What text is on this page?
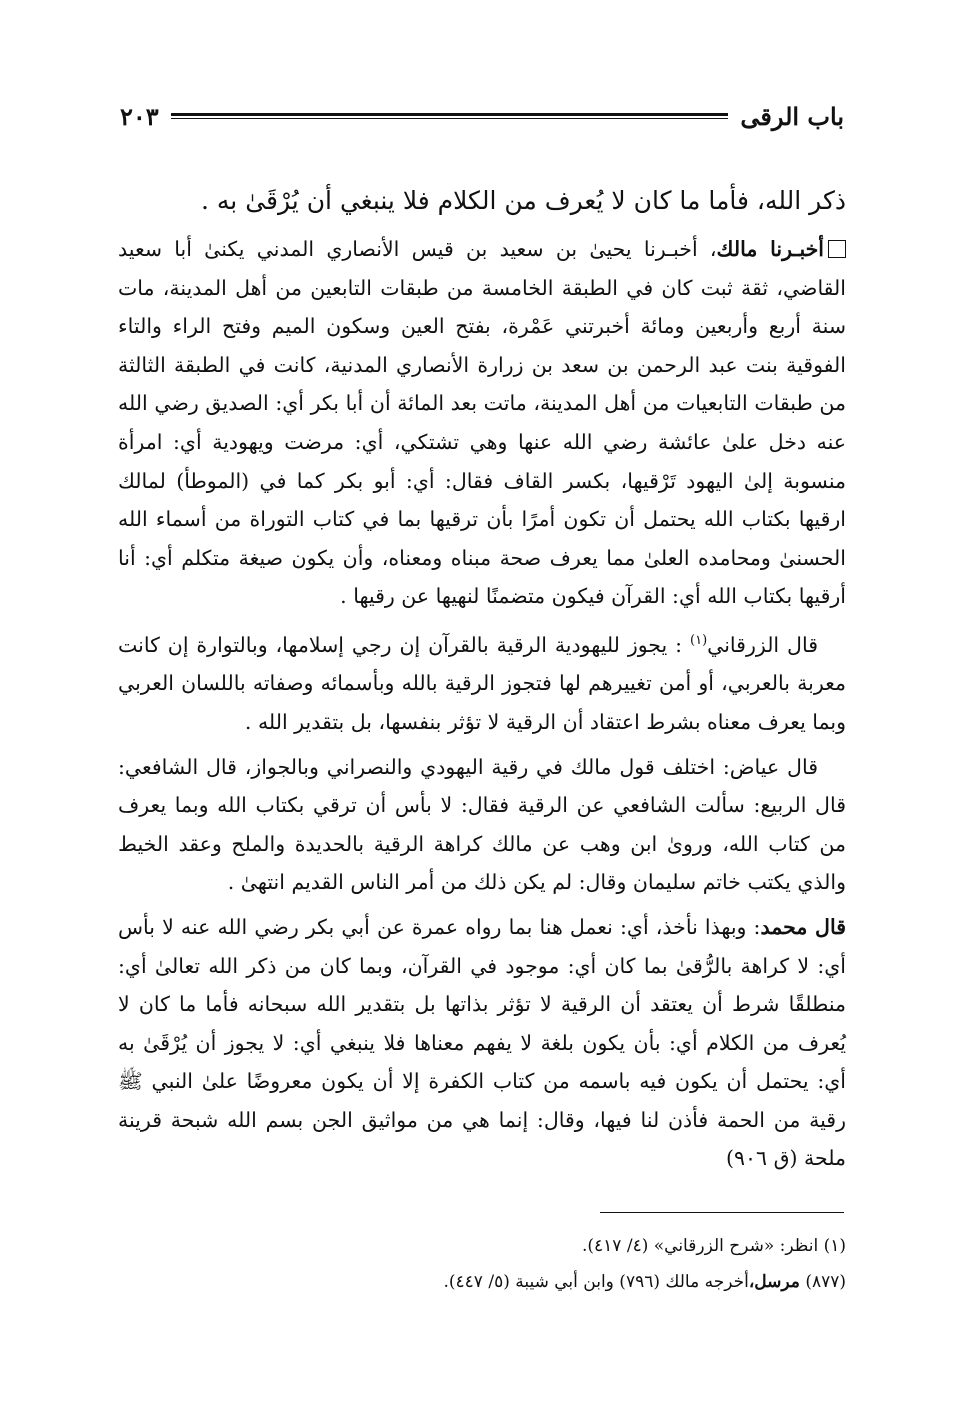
باب الرقى
٢٠٣

ذكر الله، فأما ما كان لا يُعرف من الكلام فلا ينبغي أن يُرْقَىٰ به .

أخبـرنا مالك، أخبـرنا يحيىٰ بن سعيد بن قيس الأنصاري المدني يكنىٰ أبا سعيد القاضي، ثقة ثبت كان في الطبقة الخامسة من طبقات التابعين من أهل المدينة، مات سنة أربع وأربعين ومائة أخبرتني عَمْرة، بفتح العين وسكون الميم وفتح الراء والتاء الفوقية بنت عبد الرحمن بن سعد بن زرارة الأنصاري المدنية، كانت في الطبقة الثالثة من طبقات التابعيات من أهل المدينة، ماتت بعد المائة أن أبا بكر أي: الصديق رضي الله عنه دخل علىٰ عائشة رضي الله عنها وهي تشتكي، أي: مرضت ويهودية أي: امرأة منسوبة إلىٰ اليهود تَرْقيها، بكسر القاف فقال: أي: أبو بكر كما في (الموطأ) لمالك ارقيها بكتاب الله يحتمل أن تكون أمرًا بأن ترقيها بما في كتاب التوراة من أسماء الله الحسنىٰ ومحامده العلىٰ مما يعرف صحة مبناه ومعناه، وأن يكون صيغة متكلم أي: أنا أرقيها بكتاب الله أي: القرآن فيكون متضمنًا لنهيها عن رقيها .

قال الزرقاني$^{(١)}$ : يجوز لليهودية الرقية بالقرآن إن رجي إسلامها، وبالتوارة إن كانت معربة بالعربي، أو أمن تغييرهم لها فتجوز الرقية بالله وبأسمائه وصفاته باللسان العربي وبما يعرف معناه بشرط اعتقاد أن الرقية لا تؤثر بنفسها، بل بتقدير الله .

قال عياض: اختلف قول مالك في رقية اليهودي والنصراني وبالجواز، قال الشافعي: قال الربيع: سألت الشافعي عن الرقية فقال: لا بأس أن ترقي بكتاب الله وبما يعرف من كتاب الله، وروىٰ ابن وهب عن مالك كراهة الرقية بالحديدة والملح وعقد الخيط والذي يكتب خاتم سليمان وقال: لم يكن ذلك من أمر الناس القديم انتهىٰ .

قال محمد: وبهذا نأخذ، أي: نعمل هنا بما رواه عمرة عن أبي بكر رضي الله عنه لا بأس أي: لا كراهة بالرُّقىٰ بما كان أي: موجود في القرآن، وبما كان من ذكر الله تعالىٰ أي: منطلقًا شرط أن يعتقد أن الرقية لا تؤثر بذاتها بل بتقدير الله سبحانه فأما ما كان لا يُعرف من الكلام أي: بأن يكون بلغة لا يفهم معناها فلا ينبغي أي: لا يجوز أن يُرْقَىٰ به أي: يحتمل أن يكون فيه باسمه من كتاب الكفرة إلا أن يكون معروضًا علىٰ النبي ﷺ رقية من الحمة فأذن لنا فيها، وقال: إنما هي من مواثيق الجن بسم الله شبحة قرينة ملحة (ق ٩٠٦)

(١) انظر: «شرح الزرقاني» (٤/ ٤١٧).

(٨٧٧) مرسل،أخرجه مالك (٧٩٦) وابن أبي شيبة (٥/ ٤٤٧).
